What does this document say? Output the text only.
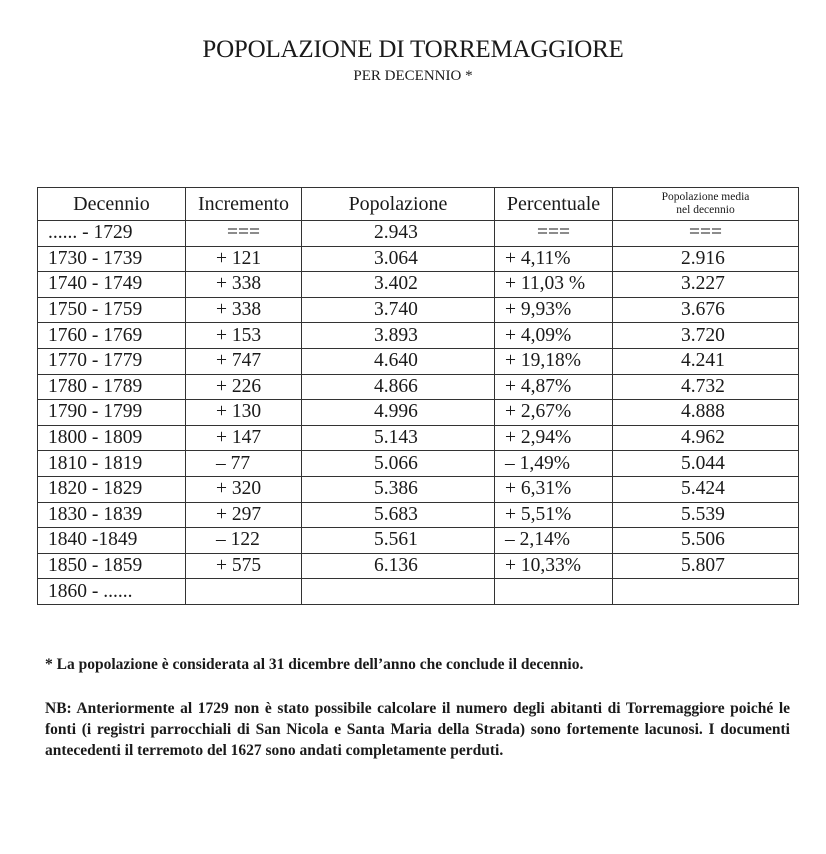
POPOLAZIONE DI TORREMAGGIORE
PER DECENNIO *
Decennio	Incremento	Popolazione	Percentuale	Popolazione media
nel decennio
...... - 1729	===	2.943	===	===
1730 - 1739	+ 121	3.064	+ 4,11%	2.916
1740 - 1749	+ 338	3.402	+ 11,03 %	3.227
1750 - 1759	+ 338	3.740	+ 9,93%	3.676
1760 - 1769	+ 153	3.893	+ 4,09%	3.720
1770 - 1779	+ 747	4.640	+ 19,18%	4.241
1780 - 1789	+ 226	4.866	+ 4,87%	4.732
1790 - 1799	+ 130	4.996	+ 2,67%	4.888
1800 - 1809	+ 147	5.143	+ 2,94%	4.962
1810 - 1819	– 77	5.066	– 1,49%	5.044
1820 - 1829	+ 320	5.386	+ 6,31%	5.424
1830 - 1839	+ 297	5.683	+ 5,51%	5.539
1840 -1849	– 122	5.561	– 2,14%	5.506
1850 - 1859	+ 575	6.136	+ 10,33%	5.807
1860 - ......				
* La popolazione è considerata al 31 dicembre dell’anno che conclude il decennio.
NB: Anteriormente al 1729 non è stato possibile calcolare il numero degli abitanti di Torremaggiore poiché le fonti (i registri parrocchiali di San Nicola e Santa Maria della Strada) sono fortemente lacunosi. I documenti antecedenti il terremoto del 1627 sono andati completamente perduti.
